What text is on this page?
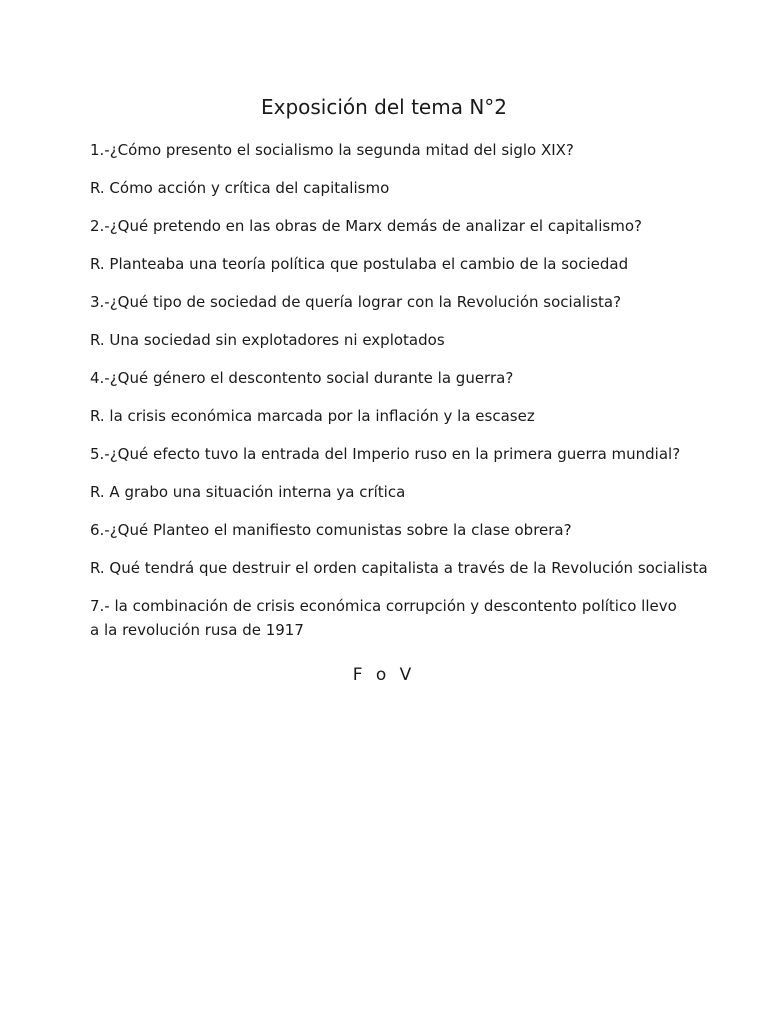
Exposición del tema N°2
1.-¿Cómo presento el socialismo la segunda mitad del siglo XIX?
R. Cómo acción y crítica del capitalismo
2.-¿Qué pretendo en las obras de Marx demás de analizar el capitalismo?
R. Planteaba una teoría política que postulaba el cambio de la sociedad
3.-¿Qué tipo de sociedad de quería lograr con la Revolución socialista?
R. Una sociedad sin explotadores ni explotados
4.-¿Qué género el descontento social durante la guerra?
R. la crisis económica marcada por la inflación y la escasez
5.-¿Qué efecto tuvo la entrada del Imperio ruso en la primera guerra mundial?
R. A grabo una situación interna ya crítica
6.-¿Qué Planteo el manifiesto comunistas sobre la clase obrera?
R. Qué tendrá que destruir el orden capitalista a través de la Revolución socialista
7.- la combinación de crisis económica corrupción y descontento político llevo a la revolución rusa de 1917
F o V
